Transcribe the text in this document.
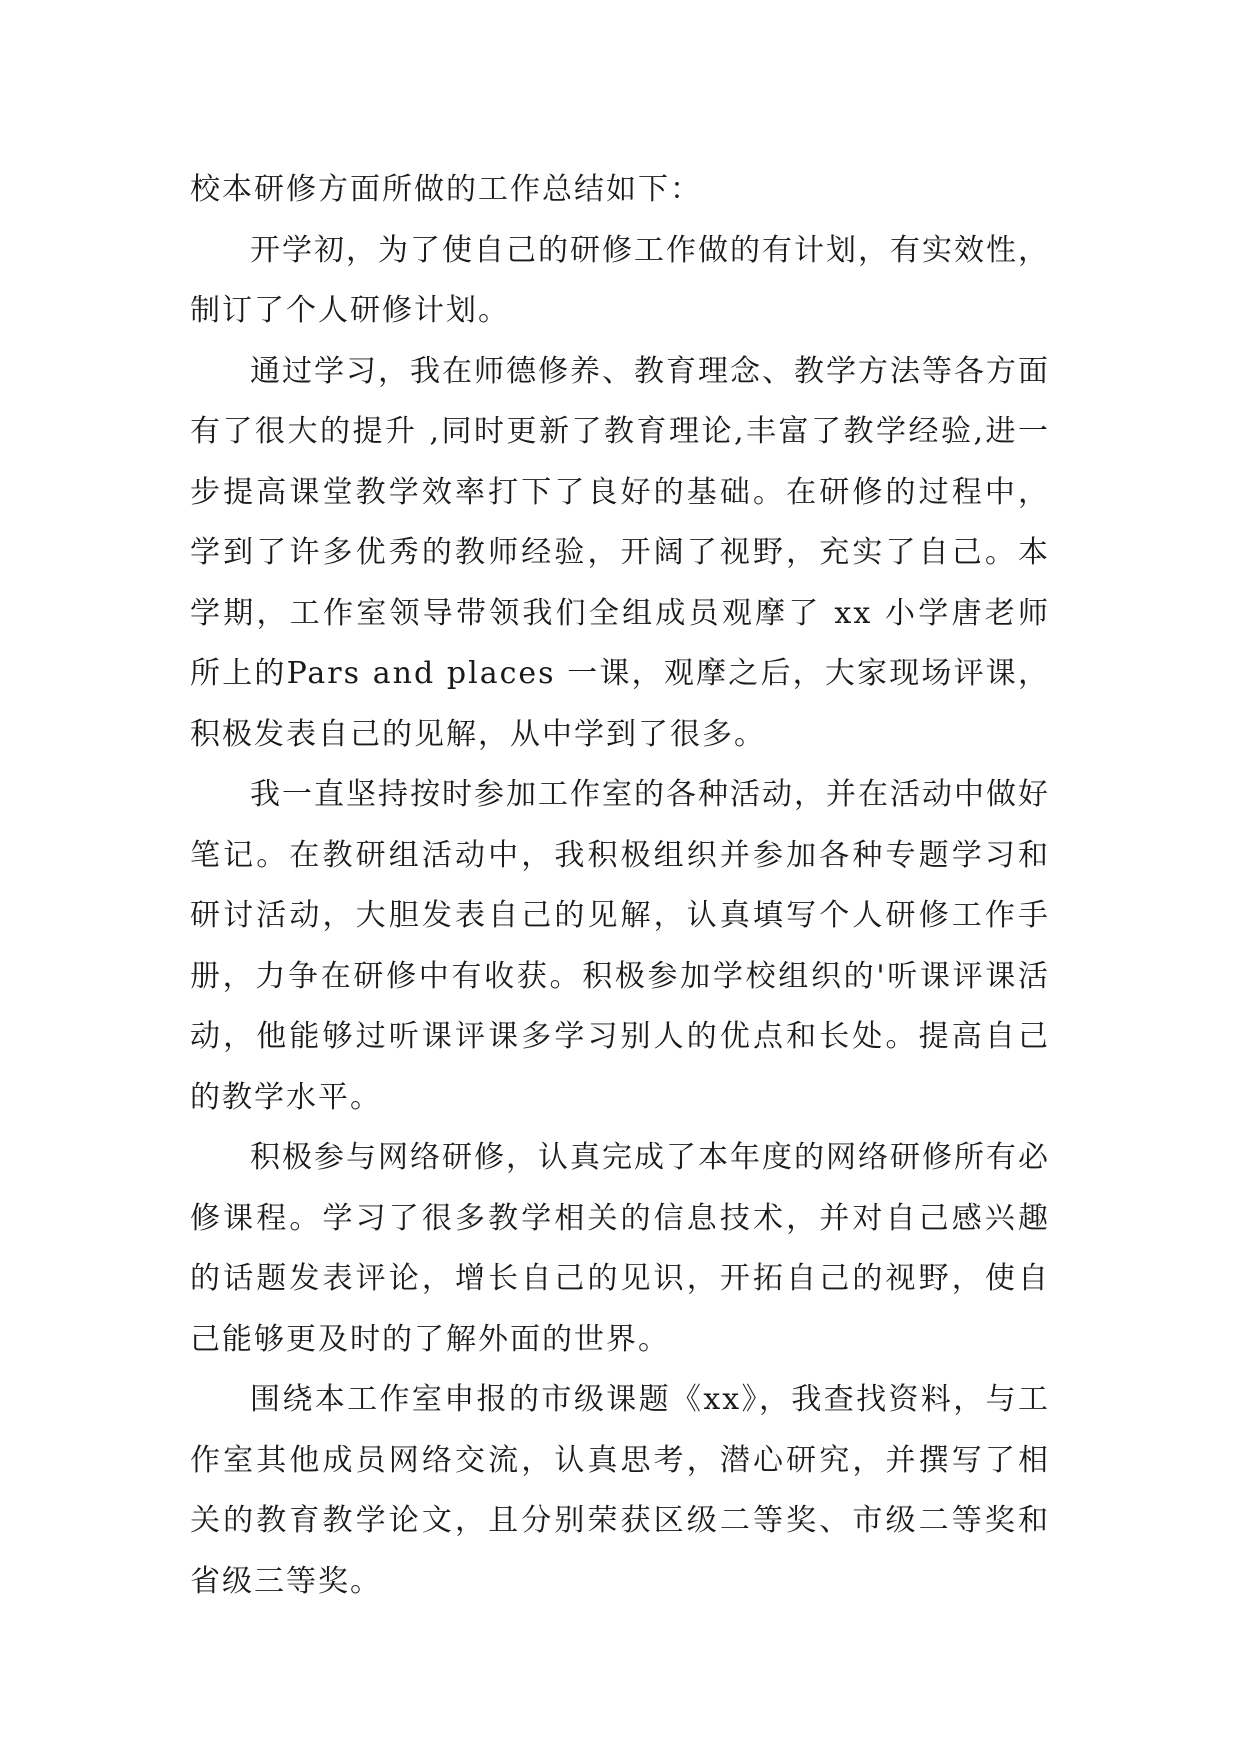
校本研修方面所做的工作总结如下：

开学初，为了使自己的研修工作做的有计划，有实效性，制订了个人研修计划。

通过学习，我在师德修养、教育理念、教学方法等各方面有了很大的提升 ,同时更新了教育理论,丰富了教学经验,进一步提高课堂教学效率打下了良好的基础。在研修的过程中，学到了许多优秀的教师经验，开阔了视野，充实了自己。本学期，工作室领导带领我们全组成员观摩了 xx 小学唐老师所上的Pars and places 一课，观摩之后，大家现场评课，积极发表自己的见解，从中学到了很多。

我一直坚持按时参加工作室的各种活动，并在活动中做好笔记。在教研组活动中，我积极组织并参加各种专题学习和研讨活动，大胆发表自己的见解，认真填写个人研修工作手册，力争在研修中有收获。积极参加学校组织的'听课评课活动，他能够过听课评课多学习别人的优点和长处。提高自己的教学水平。

积极参与网络研修，认真完成了本年度的网络研修所有必修课程。学习了很多教学相关的信息技术，并对自己感兴趣的话题发表评论，增长自己的见识，开拓自己的视野，使自己能够更及时的了解外面的世界。

围绕本工作室申报的市级课题《xx》，我查找资料，与工作室其他成员网络交流，认真思考，潜心研究，并撰写了相关的教育教学论文，且分别荣获区级二等奖、市级二等奖和省级三等奖。
